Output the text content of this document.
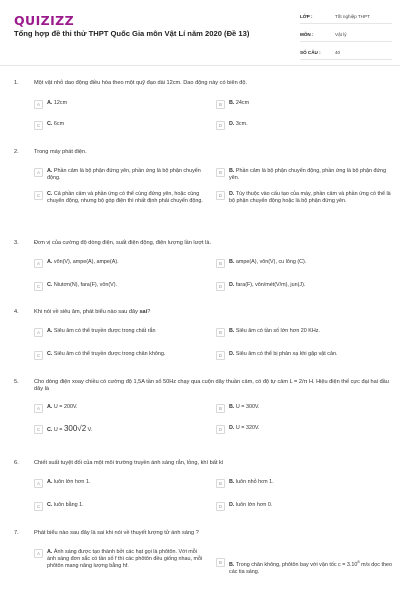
QUIZIZZ
Tổng hợp đề thi thử THPT Quốc Gia môn Vật Lí năm 2020 (Đề 13)
LỚP :	Tốt nghiệp THPT
MÔN :	Vật lý
SỐ CÂU :	40
1.	Một vật nhỏ dao động điều hòa theo một quỹ đạo dài 12cm. Dao động này có biên độ.
A	A. 12cm	B	B. 24cm
C	C. 6cm	D	D. 3cm.
2.	Trong máy phát điện.
A	A. Phần cảm là bộ phận đứng yên, phần ứng là bộ phận chuyển động.
B	B. Phần cảm là bộ phận chuyển động, phần ứng là bộ phận đứng yên.
C	C. Cả phần cảm và phần ứng có thể cùng đứng yên, hoặc cùng chuyển động, nhưng bộ góp điện thì nhất định phải chuyển động.
D	D. Tùy thuộc vào cấu tạo của máy, phần cảm và phần ứng có thể là bộ phận chuyển động hoặc là bộ phận đứng yên.
3.	Đơn vị của cường độ dòng điện, suất điện động, điện lượng lần lượt là.
A	A. vôn(V), ampe(A), ampe(A).	B	B. ampe(A), vôn(V), cu lông (C).
C	C. Niutơn(N), fara(F), vôn(V).	D	D. fara(F), vôn/mét(V/m), jun(J).
4.	Khi nói về siêu âm, phát biểu nào sau đây sai?
A	A. Siêu âm có thể truyền được trong chất rắn	B	B. Siêu âm có tần số lớn hơn 20 KHz.
C	C. Siêu âm có thể truyền được trong chân không.	D	D. Siêu âm có thể bị phản xạ khi gặp vật cản.
5.	Cho dòng điện xoay chiều có cường độ 1,5A tần số 50Hz chạy qua cuộn dây thuần cảm, có độ tự cảm L = 2/π H. Hiệu điện thế cực đại hai đầu dây là
A	A. U = 200V.	B	B. U = 300V.
C	C. U = 300√2 V.	D	D. U = 320V.
6.	Chiết suất tuyệt đối của một môi trường truyền ánh sáng rắn, lỏng, khí bất kì
A	A. luôn lớn hơn 1.	B	B. luôn nhỏ hơn 1.
C	C. luôn bằng 1.	D	D. luôn lớn hơn 0.
7.	Phát biểu nào sau đây là sai khi nói về thuyết lượng tử ánh sáng ?
A	A. Ánh sáng được tạo thành bởi các hạt gọi là phôtôn. Với mỗi ánh sáng đơn sắc có tần số f thì các phôtôn đều giống nhau, mỗi phôtôn mang năng lượng bằng hf.
B	B. Trong chân không, phôtôn bay với vận tốc $c = 3.10^8$ m/s dọc theo các tia sáng.
